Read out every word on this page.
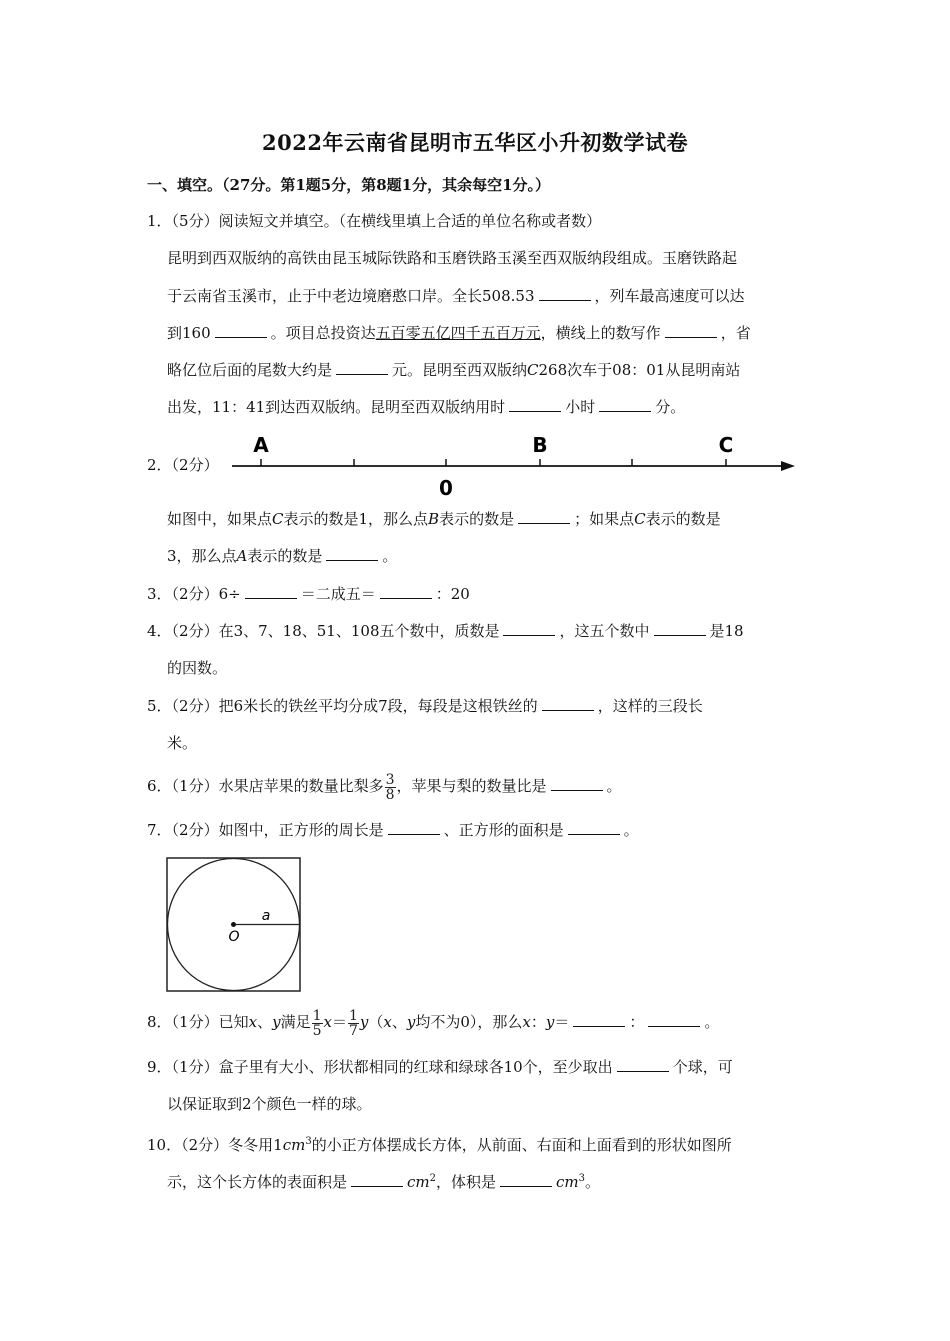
2022年云南省昆明市五华区小升初数学试卷
一、填空。（27分。第1题5分，第8题1分，其余每空1分。）
1．（5分）阅读短文并填空。（在横线里填上合适的单位名称或者数）
昆明到西双版纳的高铁由昆玉城际铁路和玉磨铁路玉溪至西双版纳段组成。玉磨铁路起
于云南省玉溪市，止于中老边境磨憨口岸。全长508.53	，列车最高速度可以达
到160	。项目总投资达五百零五亿四千五百万元，横线上的数写作	，省
略亿位后面的尾数大约是	元。昆明至西双版纳C268次车于08：01从昆明南站
出发，11：41到达西双版纳。昆明至西双版纳用时	小时	分。
2．（2分）
A	B	C
0
如图中，如果点C表示的数是1，那么点B表示的数是	；如果点C表示的数是
3，那么点A表示的数是	。
3．（2分）6÷	＝二成五＝	：20
4．（2分）在3、7、18、51、108五个数中，质数是	，这五个数中	是18
的因数。
5．（2分）把6米长的铁丝平均分成7段，每段是这根铁丝的	，这样的三段长
米。
6．（1分）水果店苹果的数量比梨多 $\frac{3}{8}$ ，苹果与梨的数量比是	。
7．（2分）如图中，正方形的周长是	、正方形的面积是	。
O
a
8．（1分）已知x、y满足 $\frac{1}{5} x= \frac{1}{7} y(x$、y均不为0），那么x：y＝	：	。
9．（1分）盒子里有大小、形状都相同的红球和绿球各10个，至少取出	个球，可
以保证取到2个颜色一样的球。
10．（2分）冬冬用$1cm^3$的小正方体摆成长方体，从前面、右面和上面看到的形状如图所
示，这个长方体的表面积是	$cm^2$，体积是	$cm^3$。
